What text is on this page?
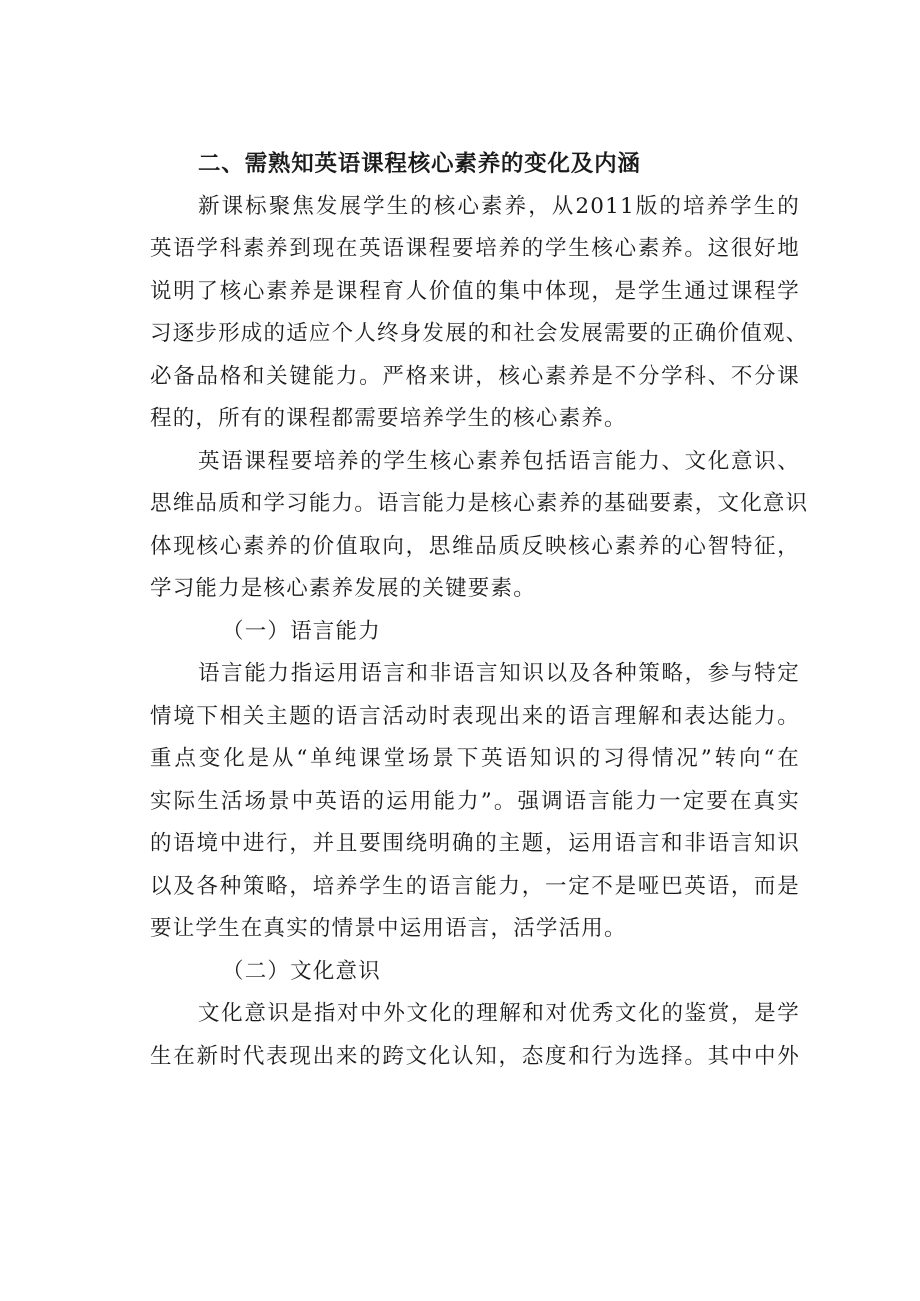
二、需熟知英语课程核心素养的变化及内涵
新课标聚焦发展学生的核心素养，从2011版的培养学生的
英语学科素养到现在英语课程要培养的学生核心素养。这很好地
说明了核心素养是课程育人价值的集中体现，是学生通过课程学
习逐步形成的适应个人终身发展的和社会发展需要的正确价值观、
必备品格和关键能力。严格来讲，核心素养是不分学科、不分课
程的，所有的课程都需要培养学生的核心素养。
英语课程要培养的学生核心素养包括语言能力、文化意识、
思维品质和学习能力。语言能力是核心素养的基础要素，文化意识
体现核心素养的价值取向，思维品质反映核心素养的心智特征，
学习能力是核心素养发展的关键要素。
（一）语言能力
语言能力指运用语言和非语言知识以及各种策略，参与特定
情境下相关主题的语言活动时表现出来的语言理解和表达能力。
重点变化是从“单纯课堂场景下英语知识的习得情况”转向“在
实际生活场景中英语的运用能力”。强调语言能力一定要在真实
的语境中进行，并且要围绕明确的主题，运用语言和非语言知识
以及各种策略，培养学生的语言能力，一定不是哑巴英语，而是
要让学生在真实的情景中运用语言，活学活用。
（二）文化意识
文化意识是指对中外文化的理解和对优秀文化的鉴赏，是学
生在新时代表现出来的跨文化认知，态度和行为选择。其中中外
